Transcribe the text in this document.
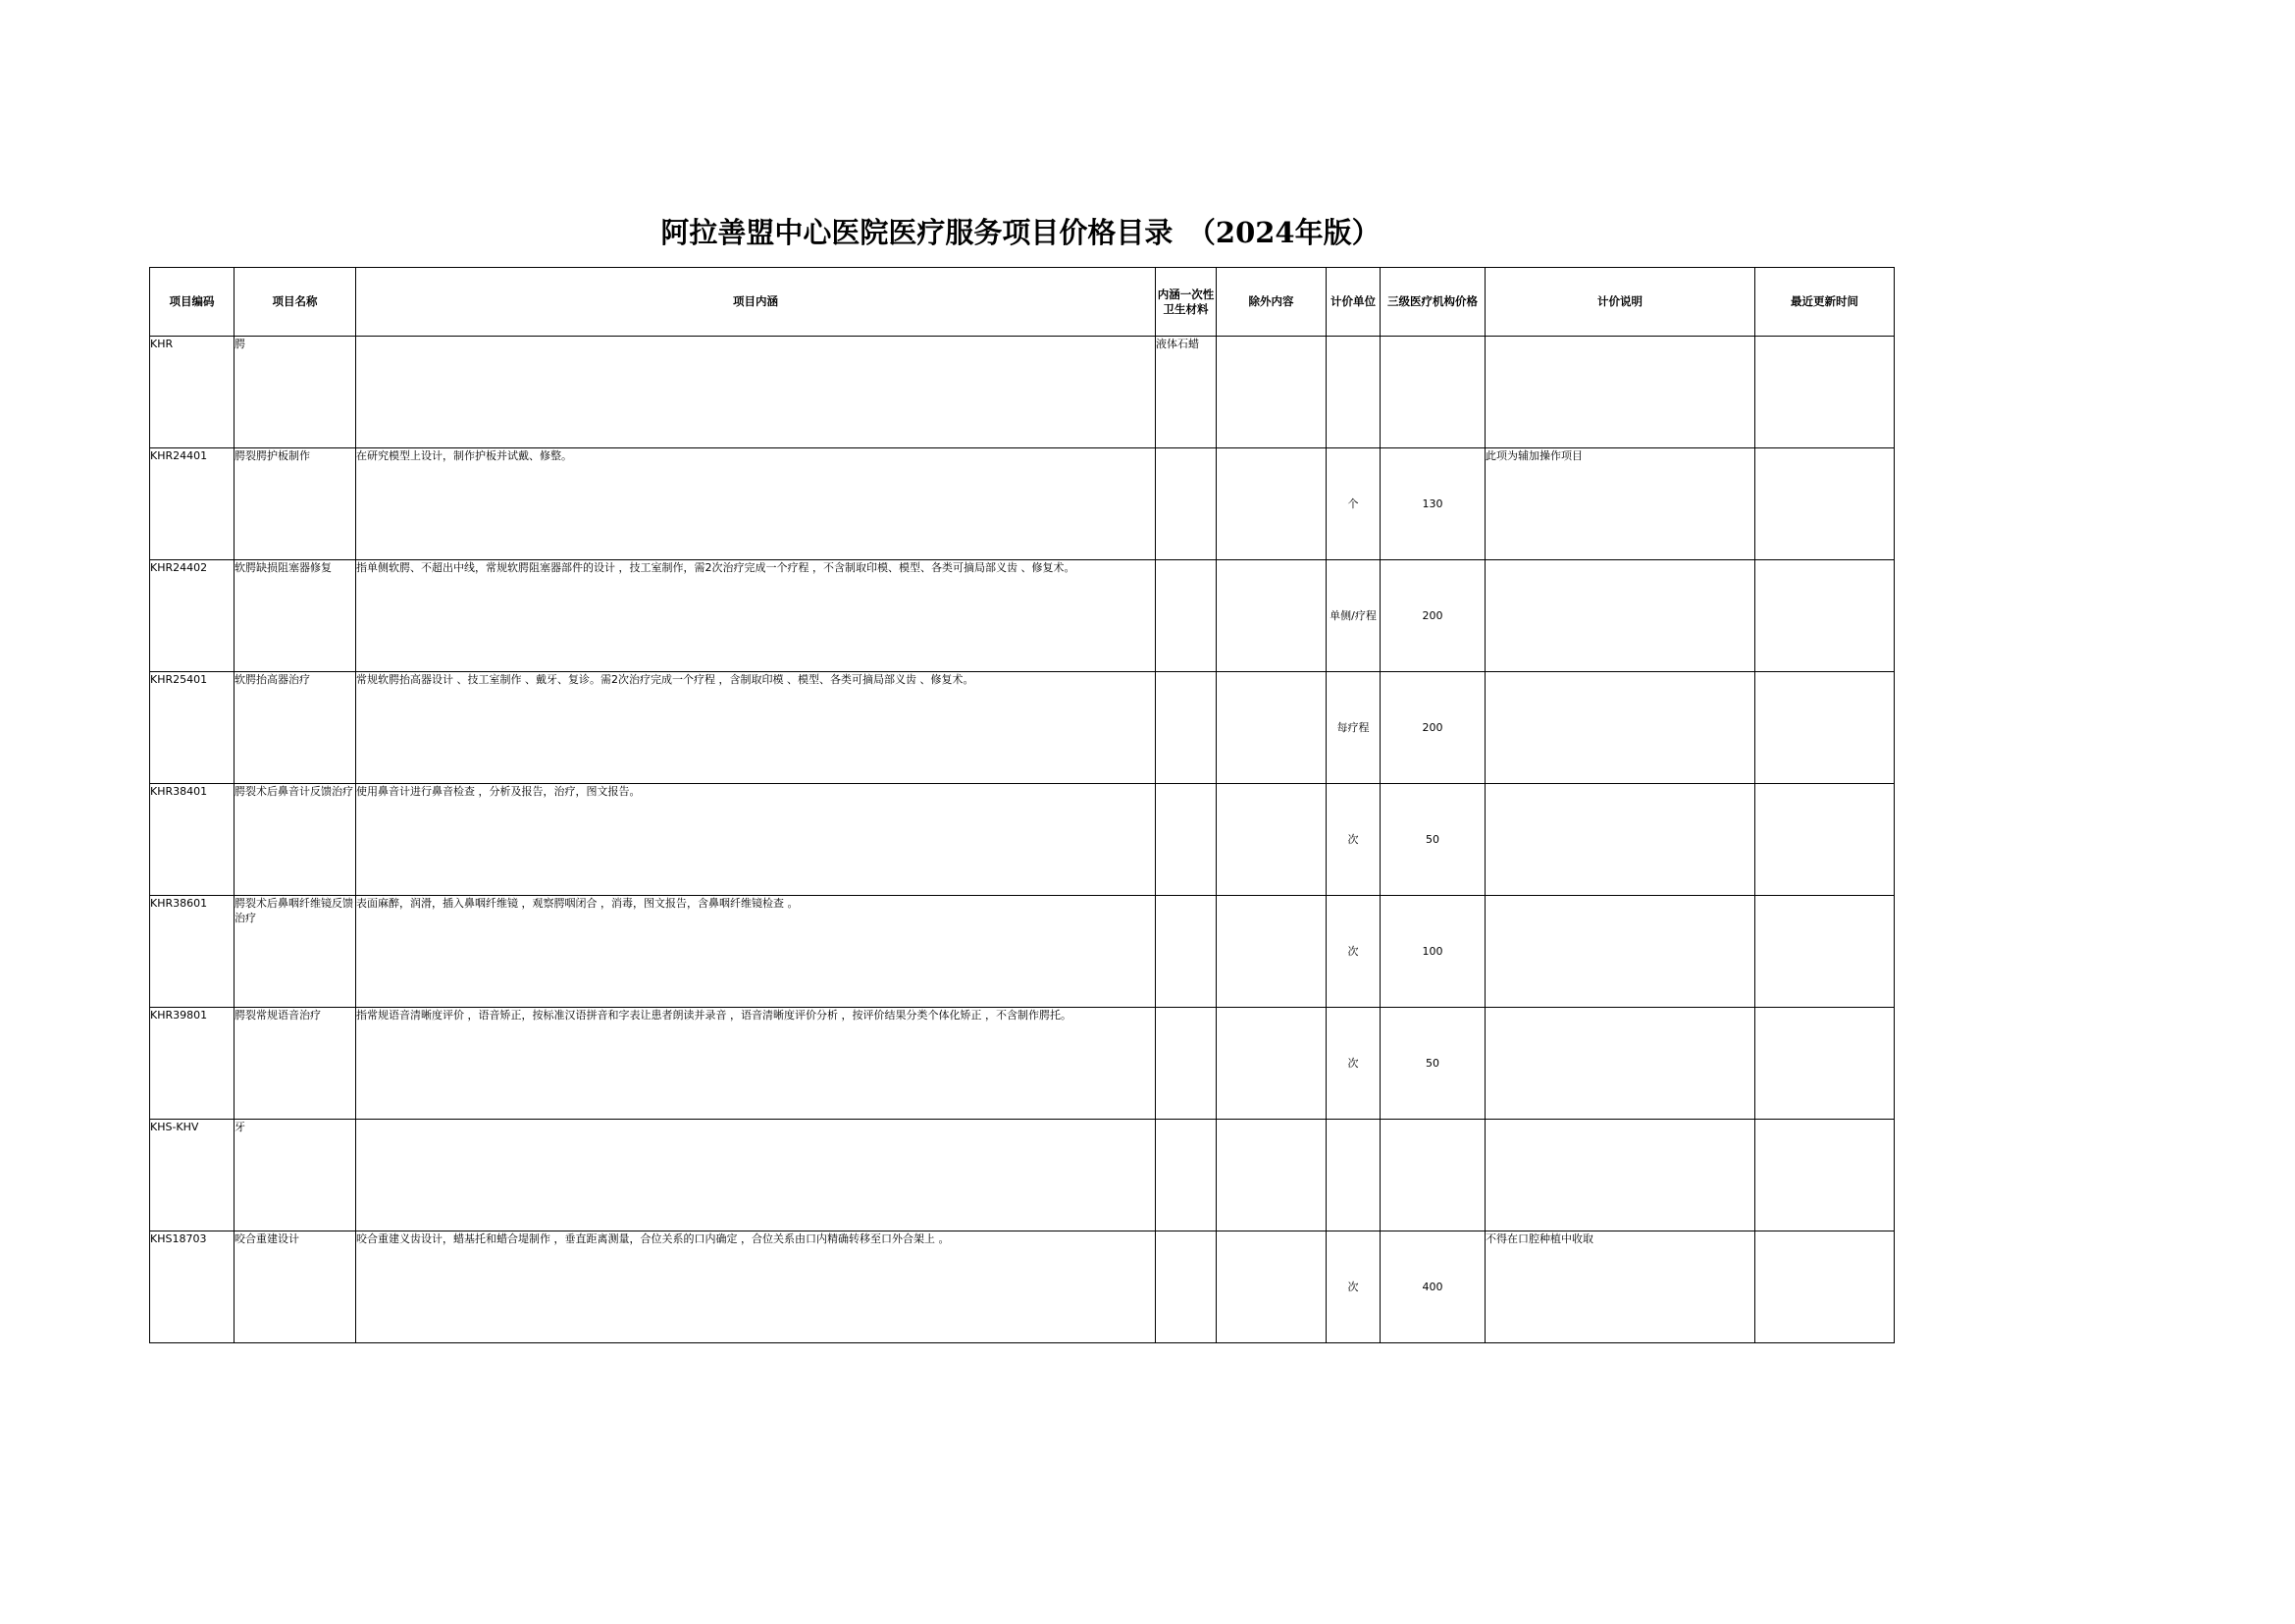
阿拉善盟中心医院医疗服务项目价格目录　（2024年版）
项目编码	项目名称	项目内涵	内涵一次性卫生材料	除外内容	计价单位	三级医疗机构价格	计价说明	最近更新时间
KHR	腭		液体石蜡					
KHR24401	腭裂腭护板制作	在研究模型上设计，制作护板并试戴、修整。			个	130	此项为辅加操作项目	
KHR24402	软腭缺损阻塞器修复	指单侧软腭、不超出中线，常规软腭阻塞器部件的设计 ，技工室制作，需2次治疗完成一个疗程 ，不含制取印模、模型、各类可摘局部义齿 、修复术。			单侧/疗程	200		
KHR25401	软腭抬高器治疗	常规软腭抬高器设计 、技工室制作 、戴牙、复诊。需2次治疗完成一个疗程 ，含制取印模 、模型、各类可摘局部义齿 、修复术。			每疗程	200		
KHR38401	腭裂术后鼻音计反馈治疗	使用鼻音计进行鼻音检查 ，分析及报告，治疗，图文报告。			次	50		
KHR38601	腭裂术后鼻咽纤维镜反馈治疗	表面麻醉，润滑，插入鼻咽纤维镜 ，观察腭咽闭合 ，消毒，图文报告，含鼻咽纤维镜检查 。			次	100		
KHR39801	腭裂常规语音治疗	指常规语音清晰度评价 ，语音矫正，按标准汉语拼音和字表让患者朗读并录音 ，语音清晰度评价分析 ，按评价结果分类个体化矫正 ，不含制作腭托。			次	50		
KHS-KHV	牙							
KHS18703	咬合重建设计	咬合重建义齿设计，蜡基托和蜡合堤制作 ，垂直距离测量，合位关系的口内确定 ，合位关系由口内精确转移至口外合架上 。			次	400	不得在口腔种植中收取	
